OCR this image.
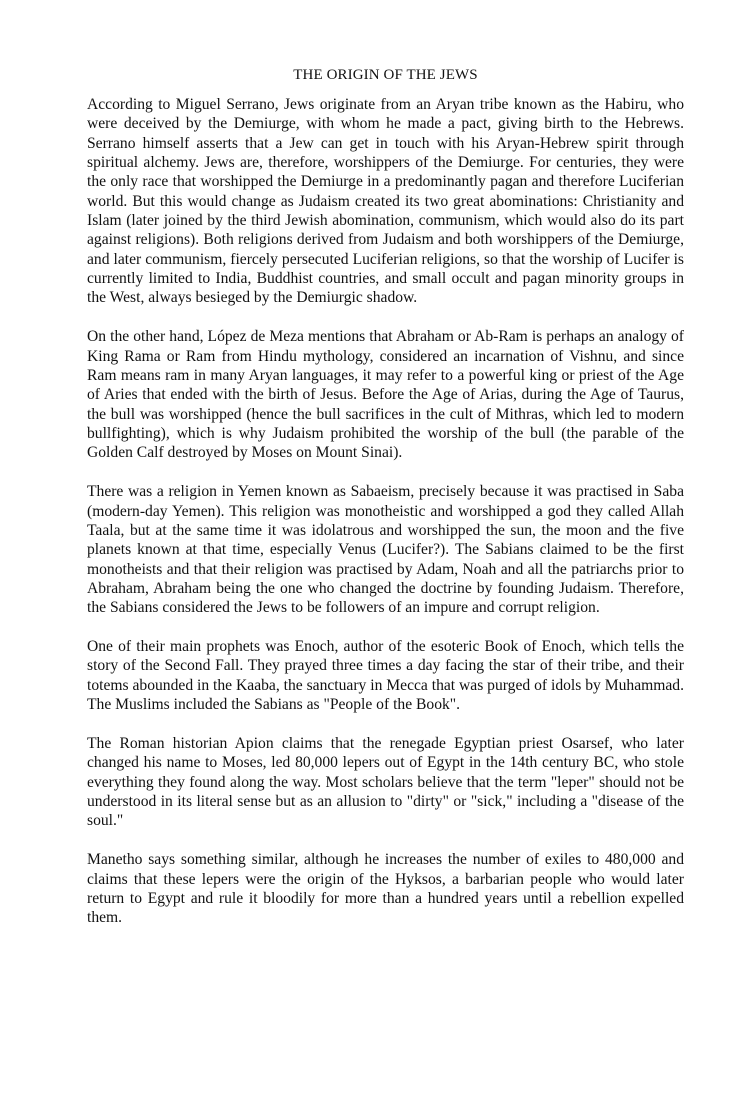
THE ORIGIN OF THE JEWS

According to Miguel Serrano, Jews originate from an Aryan tribe known as the Habiru, who were deceived by the Demiurge, with whom he made a pact, giving birth to the Hebrews. Serrano himself asserts that a Jew can get in touch with his Aryan-Hebrew spirit through spiritual alchemy. Jews are, therefore, worshippers of the Demiurge. For centuries, they were the only race that worshipped the Demiurge in a predominantly pagan and therefore Luciferian world. But this would change as Judaism created its two great abominations: Christianity and Islam (later joined by the third Jewish abomination, communism, which would also do its part against religions). Both religions derived from Judaism and both worshippers of the Demiurge, and later communism, fiercely persecuted Luciferian religions, so that the worship of Lucifer is currently limited to India, Buddhist countries, and small occult and pagan minority groups in the West, always besieged by the Demiurgic shadow.

On the other hand, López de Meza mentions that Abraham or Ab-Ram is perhaps an analogy of King Rama or Ram from Hindu mythology, considered an incarnation of Vishnu, and since Ram means ram in many Aryan languages, it may refer to a powerful king or priest of the Age of Aries that ended with the birth of Jesus. Before the Age of Arias, during the Age of Taurus, the bull was worshipped (hence the bull sacrifices in the cult of Mithras, which led to modern bullfighting), which is why Judaism prohibited the worship of the bull (the parable of the Golden Calf destroyed by Moses on Mount Sinai).

There was a religion in Yemen known as Sabaeism, precisely because it was practised in Saba (modern-day Yemen). This religion was monotheistic and worshipped a god they called Allah Taala, but at the same time it was idolatrous and worshipped the sun, the moon and the five planets known at that time, especially Venus (Lucifer?). The Sabians claimed to be the first monotheists and that their religion was practised by Adam, Noah and all the patriarchs prior to Abraham, Abraham being the one who changed the doctrine by founding Judaism. Therefore, the Sabians considered the Jews to be followers of an impure and corrupt religion.

One of their main prophets was Enoch, author of the esoteric Book of Enoch, which tells the story of the Second Fall. They prayed three times a day facing the star of their tribe, and their totems abounded in the Kaaba, the sanctuary in Mecca that was purged of idols by Muhammad. The Muslims included the Sabians as "People of the Book".

The Roman historian Apion claims that the renegade Egyptian priest Osarsef, who later changed his name to Moses, led 80,000 lepers out of Egypt in the 14th century BC, who stole everything they found along the way. Most scholars believe that the term "leper" should not be understood in its literal sense but as an allusion to "dirty" or "sick," including a "disease of the soul."

Manetho says something similar, although he increases the number of exiles to 480,000 and claims that these lepers were the origin of the Hyksos, a barbarian people who would later return to Egypt and rule it bloodily for more than a hundred years until a rebellion expelled them.
